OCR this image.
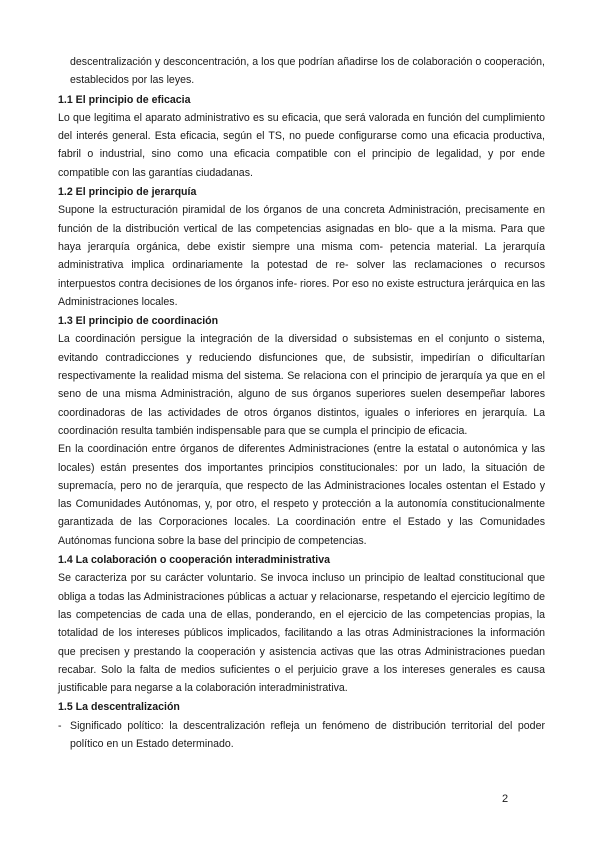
descentralización y desconcentración, a los que podrían añadirse los de colaboración o cooperación, establecidos por las leyes.

1.1 El principio de eficacia

Lo que legitima el aparato administrativo es su eficacia, que será valorada en función del cumplimiento del interés general. Esta eficacia, según el TS, no puede configurarse como una eficacia productiva, fabril o industrial, sino como una eficacia compatible con el principio de legalidad, y por ende compatible con las garantías ciudadanas.

1.2 El principio de jerarquía

Supone la estructuración piramidal de los órganos de una concreta Administración, precisamente en función de la distribución vertical de las competencias asignadas en blo- que a la misma. Para que haya jerarquía orgánica, debe existir siempre una misma com- petencia material. La jerarquía administrativa implica ordinariamente la potestad de re- solver las reclamaciones o recursos interpuestos contra decisiones de los órganos infe- riores. Por eso no existe estructura jerárquica en las Administraciones locales.

1.3 El principio de coordinación

La coordinación persigue la integración de la diversidad o subsistemas en el conjunto o sistema, evitando contradicciones y reduciendo disfunciones que, de subsistir, impedirían o dificultarían respectivamente la realidad misma del sistema. Se relaciona con el principio de jerarquía ya que en el seno de una misma Administración, alguno de sus órganos superiores suelen desempeñar labores coordinadoras de las actividades de otros órganos distintos, iguales o inferiores en jerarquía. La coordinación resulta también indispensable para que se cumpla el principio de eficacia.

En la coordinación entre órganos de diferentes Administraciones (entre la estatal o autonómica y las locales) están presentes dos importantes principios constitucionales: por un lado, la situación de supremacía, pero no de jerarquía, que respecto de las Administraciones locales ostentan el Estado y las Comunidades Autónomas, y, por otro, el respeto y protección a la autonomía constitucionalmente garantizada de las Corporaciones locales. La coordinación entre el Estado y las Comunidades Autónomas funciona sobre la base del principio de competencias.

1.4 La colaboración o cooperación interadministrativa

Se caracteriza por su carácter voluntario. Se invoca incluso un principio de lealtad constitucional que obliga a todas las Administraciones públicas a actuar y relacionarse, respetando el ejercicio legítimo de las competencias de cada una de ellas, ponderando, en el ejercicio de las competencias propias, la totalidad de los intereses públicos implicados, facilitando a las otras Administraciones la información que precisen y prestando la cooperación y asistencia activas que las otras Administraciones puedan recabar. Solo la falta de medios suficientes o el perjuicio grave a los intereses generales es causa justificable para negarse a la colaboración interadministrativa.

1.5 La descentralización
- Significado político: la descentralización refleja un fenómeno de distribución territorial del poder político en un Estado determinado.
2
